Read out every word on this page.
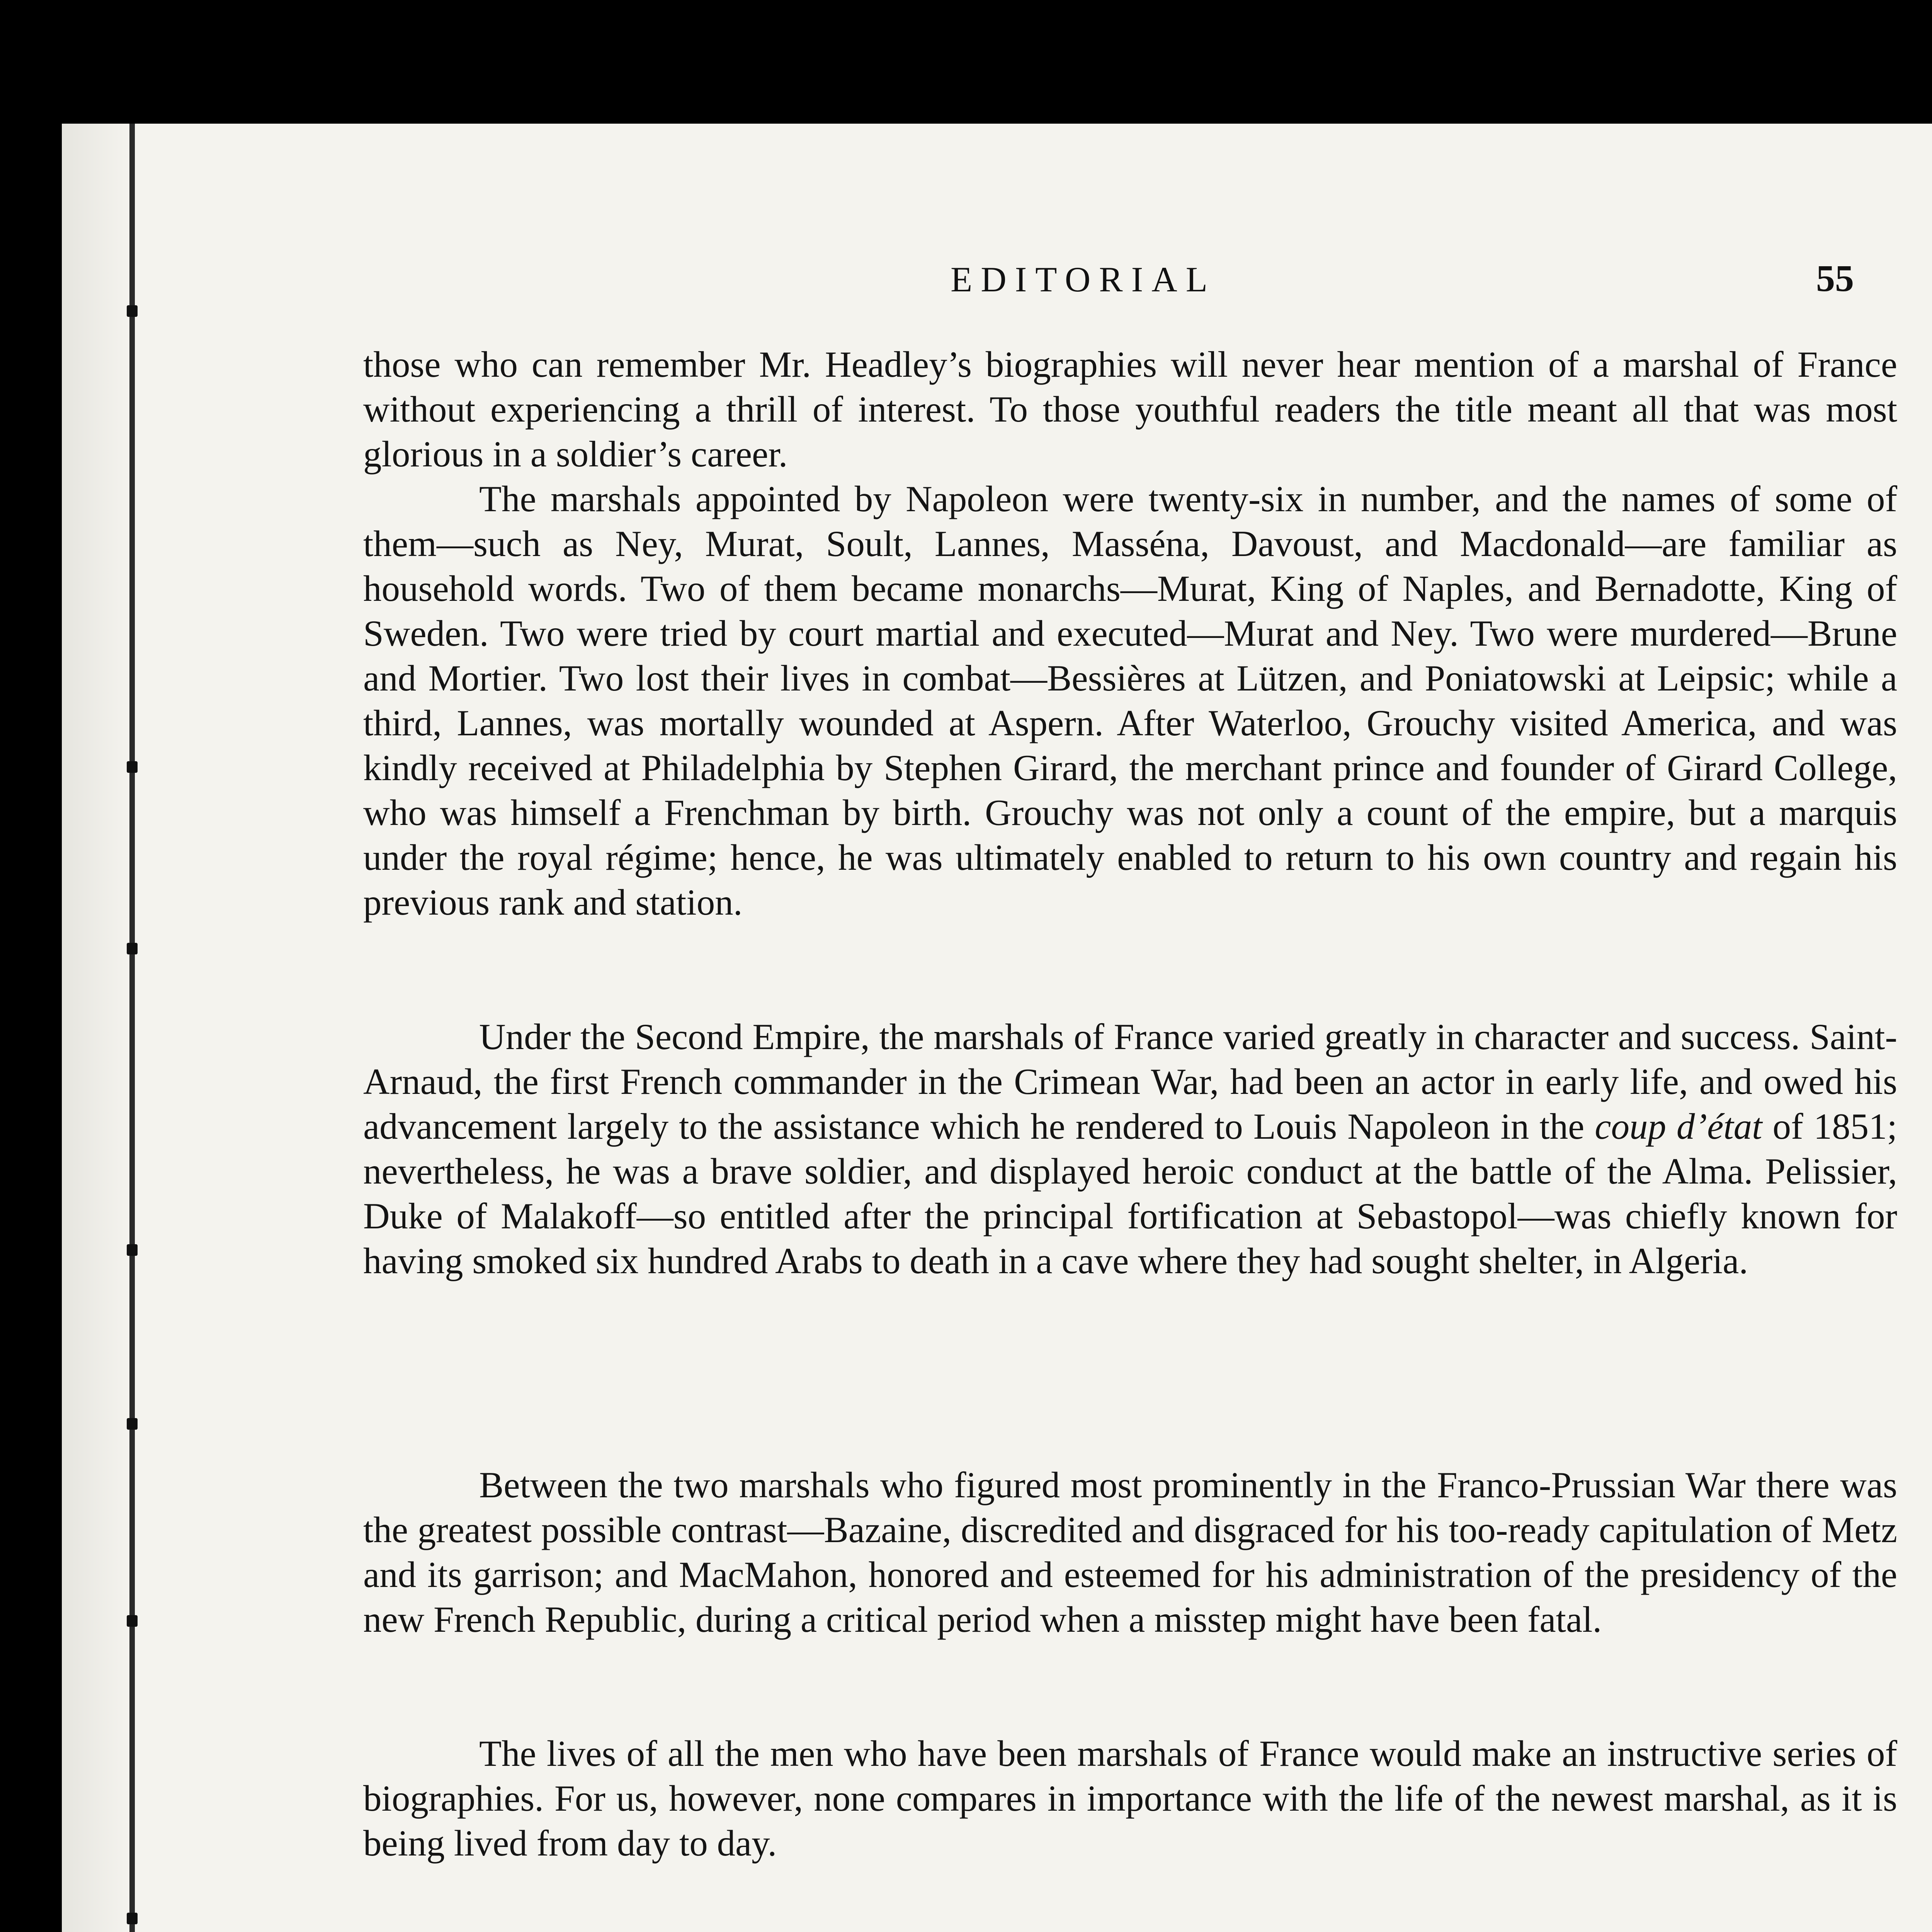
EDITORIAL	55

those who can remember Mr. Headley’s biographies will never hear mention of a marshal of France without experiencing a thrill of interest. To those youthful readers the title meant all that was most glorious in a soldier’s career.

The marshals appointed by Napoleon were twenty-six in number, and the names of some of them—such as Ney, Murat, Soult, Lannes, Masséna, Davoust, and Macdonald—are familiar as household words. Two of them became monarchs—Murat, King of Naples, and Bernadotte, King of Sweden. Two were tried by court martial and executed—Murat and Ney. Two were murdered—Brune and Mortier. Two lost their lives in combat—Bessières at Lützen, and Poniatowski at Leipsic; while a third, Lannes, was mortally wounded at Aspern. After Waterloo, Grouchy visited America, and was kindly received at Philadelphia by Stephen Girard, the merchant prince and founder of Girard College, who was himself a Frenchman by birth. Grouchy was not only a count of the empire, but a marquis under the royal régime; hence, he was ultimately enabled to return to his own country and regain his previous rank and station.

Under the Second Empire, the marshals of France varied greatly in character and success. Saint-Arnaud, the first French commander in the Crimean War, had been an actor in early life, and owed his advancement largely to the assistance which he rendered to Louis Napoleon in the coup d’état of 1851; nevertheless, he was a brave soldier, and displayed heroic conduct at the battle of the Alma. Pelissier, Duke of Malakoff—so entitled after the principal fortification at Sebastopol—was chiefly known for having smoked six hundred Arabs to death in a cave where they had sought shelter, in Algeria.

Between the two marshals who figured most prominently in the Franco-Prussian War there was the greatest possible contrast—Bazaine, discredited and disgraced for his too-ready capitulation of Metz and its garrison; and MacMahon, honored and esteemed for his administration of the presidency of the new French Republic, during a critical period when a misstep might have been fatal.

The lives of all the men who have been marshals of France would make an instructive series of biographies. For us, however, none compares in importance with the life of the newest marshal, as it is being lived from day to day.
